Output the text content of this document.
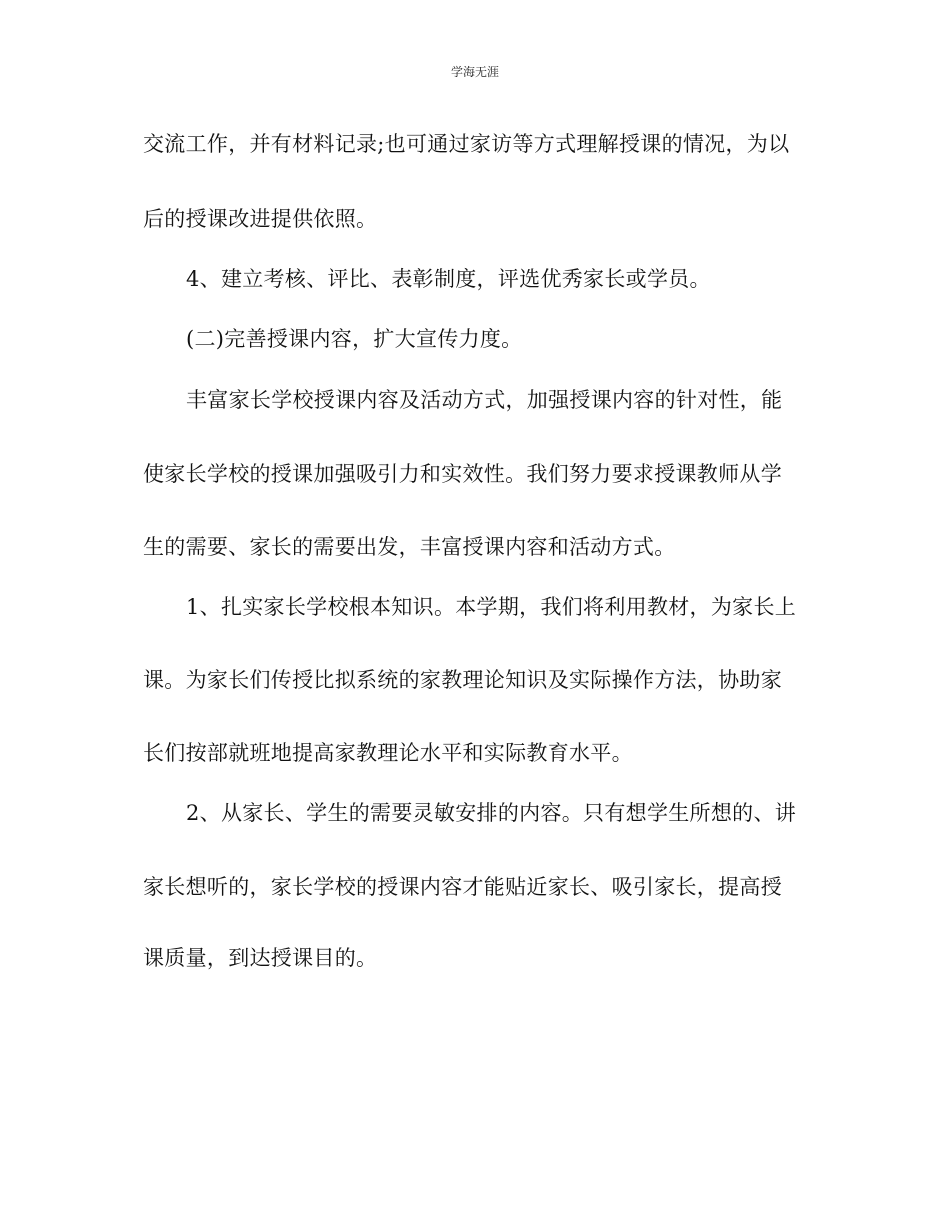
学海无涯
交流工作，并有材料记录;也可通过家访等方式理解授课的情况，为以
后的授课改进提供依照。
4、建立考核、评比、表彰制度，评选优秀家长或学员。
(二)完善授课内容，扩大宣传力度。
丰富家长学校授课内容及活动方式，加强授课内容的针对性，能
使家长学校的授课加强吸引力和实效性。我们努力要求授课教师从学
生的需要、家长的需要出发，丰富授课内容和活动方式。
1、扎实家长学校根本知识。本学期，我们将利用教材，为家长上
课。为家长们传授比拟系统的家教理论知识及实际操作方法，协助家
长们按部就班地提高家教理论水平和实际教育水平。
2、从家长、学生的需要灵敏安排的内容。只有想学生所想的、讲
家长想听的，家长学校的授课内容才能贴近家长、吸引家长，提高授
课质量，到达授课目的。
